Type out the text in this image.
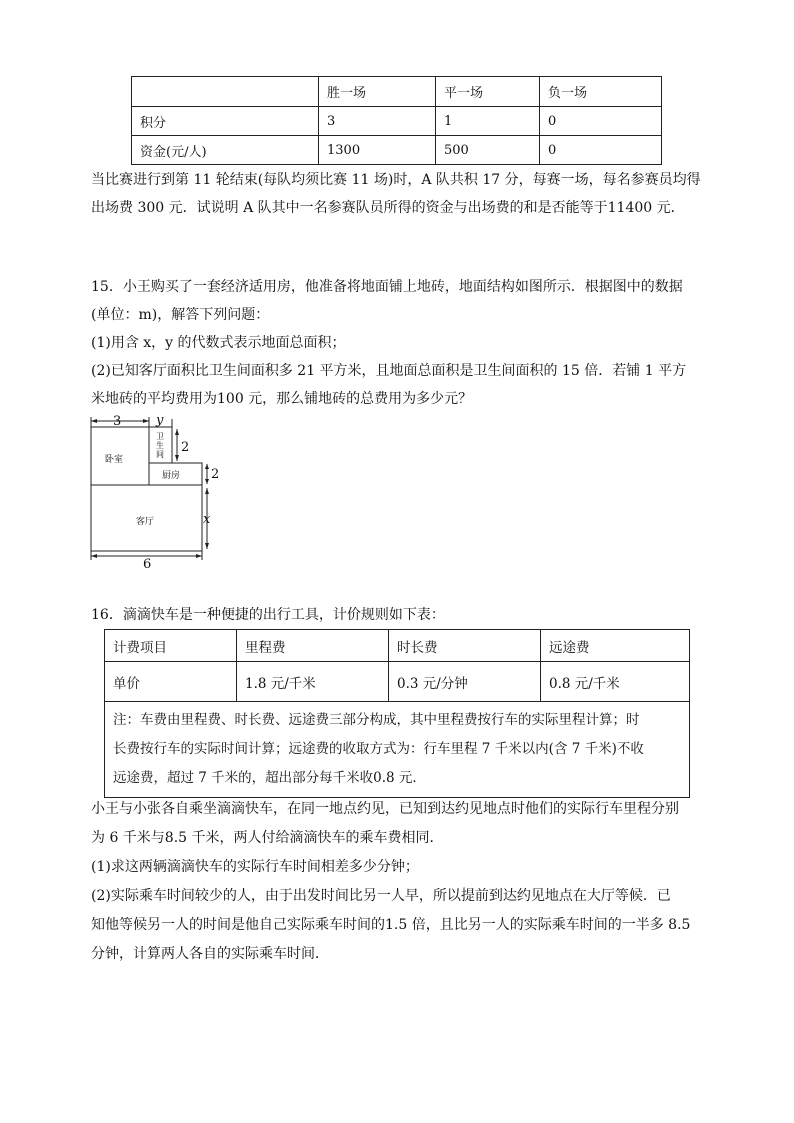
	胜一场	平一场	负一场
积分	3	1	0
资金(元/人)	1300	500	0
当比赛进行到第 11 轮结束(每队均须比赛 11 场)时，A 队共积 17 分，每赛一场，每名参赛员均得
出场费 300 元．试说明 A 队其中一名参赛队员所得的资金与出场费的和是否能等于11400 元．
15．小王购买了一套经济适用房，他准备将地面铺上地砖，地面结构如图所示．根据图中的数据
(单位：m)，解答下列问题：
(1)用含 x，y 的代数式表示地面总面积；
(2)已知客厅面积比卫生间面积多 21 平方米，且地面总面积是卫生间面积的 15 倍．若铺 1 平方
米地砖的平均费用为100 元，那么铺地砖的总费用为多少元？
3	y
2
2
x
6
卧室
卫
生
间
厨房
客厅
16．滴滴快车是一种便捷的出行工具，计价规则如下表：
计费项目	里程费	时长费	远途费
单价	1.8 元/千米	0.3 元/分钟	0.8 元/千米

注：车费由里程费、时长费、远途费三部分构成，其中里程费按行车的实际里程计算；时
长费按行车的实际时间计算；远途费的收取方式为：行车里程 7 千米以内(含 7 千米)不收
远途费，超过 7 千米的，超出部分每千米收0.8 元．			
小王与小张各自乘坐滴滴快车，在同一地点约见，已知到达约见地点时他们的实际行车里程分别
为 6 千米与8.5 千米，两人付给滴滴快车的乘车费相同．
(1)求这两辆滴滴快车的实际行车时间相差多少分钟；
(2)实际乘车时间较少的人，由于出发时间比另一人早，所以提前到达约见地点在大厅等候．已
知他等候另一人的时间是他自己实际乘车时间的1.5 倍，且比另一人的实际乘车时间的一半多 8.5
分钟，计算两人各自的实际乘车时间．
